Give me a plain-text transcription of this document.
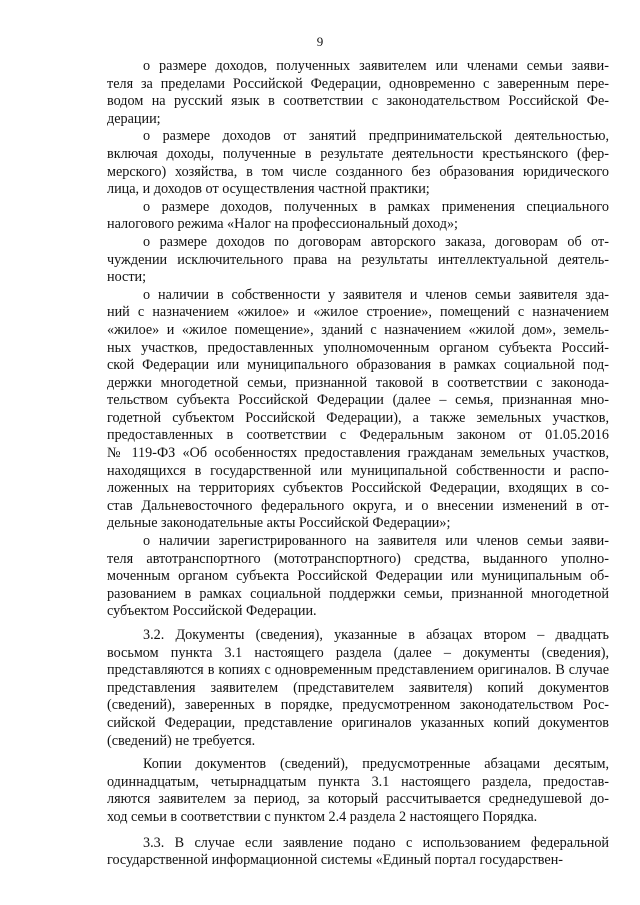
9
о размере доходов, полученных заявителем или членами семьи заяви-
теля за пределами Российской Федерации, одновременно с заверенным пере-
водом на русский язык в соответствии с законодательством Российской Фе-
дерации;
о размере доходов от занятий предпринимательской деятельностью,
включая доходы, полученные в результате деятельности крестьянского (фер-
мерского) хозяйства, в том числе созданного без образования юридического
лица, и доходов от осуществления частной практики;
о размере доходов, полученных в рамках применения специального
налогового режима «Налог на профессиональный доход»;
о размере доходов по договорам авторского заказа, договорам об от-
чуждении исключительного права на результаты интеллектуальной деятель-
ности;
о наличии в собственности у заявителя и членов семьи заявителя зда-
ний с назначением «жилое» и «жилое строение», помещений с назначением
«жилое» и «жилое помещение», зданий с назначением «жилой дом», земель-
ных участков, предоставленных уполномоченным органом субъекта Россий-
ской Федерации или муниципального образования в рамках социальной под-
держки многодетной семьи, признанной таковой в соответствии с законода-
тельством субъекта Российской Федерации (далее – семья, признанная мно-
годетной субъектом Российской Федерации), а также земельных участков,
предоставленных в соответствии с Федеральным законом от 01.05.2016
№ 119-ФЗ «Об особенностях предоставления гражданам земельных участков,
находящихся в государственной или муниципальной собственности и распо-
ложенных на территориях субъектов Российской Федерации, входящих в со-
став Дальневосточного федерального округа, и о внесении изменений в от-
дельные законодательные акты Российской Федерации»;
о наличии зарегистрированного на заявителя или членов семьи заяви-
теля автотранспортного (мототранспортного) средства, выданного уполно-
моченным органом субъекта Российской Федерации или муниципальным об-
разованием в рамках социальной поддержки семьи, признанной многодетной
субъектом Российской Федерации.
3.2. Документы (сведения), указанные в абзацах втором – двадцать
восьмом пункта 3.1 настоящего раздела (далее – документы (сведения),
представляются в копиях с одновременным представлением оригиналов. В случае
представления заявителем (представителем заявителя) копий документов
(сведений), заверенных в порядке, предусмотренном законодательством Рос-
сийской Федерации, представление оригиналов указанных копий документов
(сведений) не требуется.
Копии документов (сведений), предусмотренные абзацами десятым,
одиннадцатым, четырнадцатым пункта 3.1 настоящего раздела, предостав-
ляются заявителем за период, за который рассчитывается среднедушевой до-
ход семьи в соответствии с пунктом 2.4 раздела 2 настоящего Порядка.
3.3. В случае если заявление подано с использованием федеральной
государственной информационной системы «Единый портал государствен-
